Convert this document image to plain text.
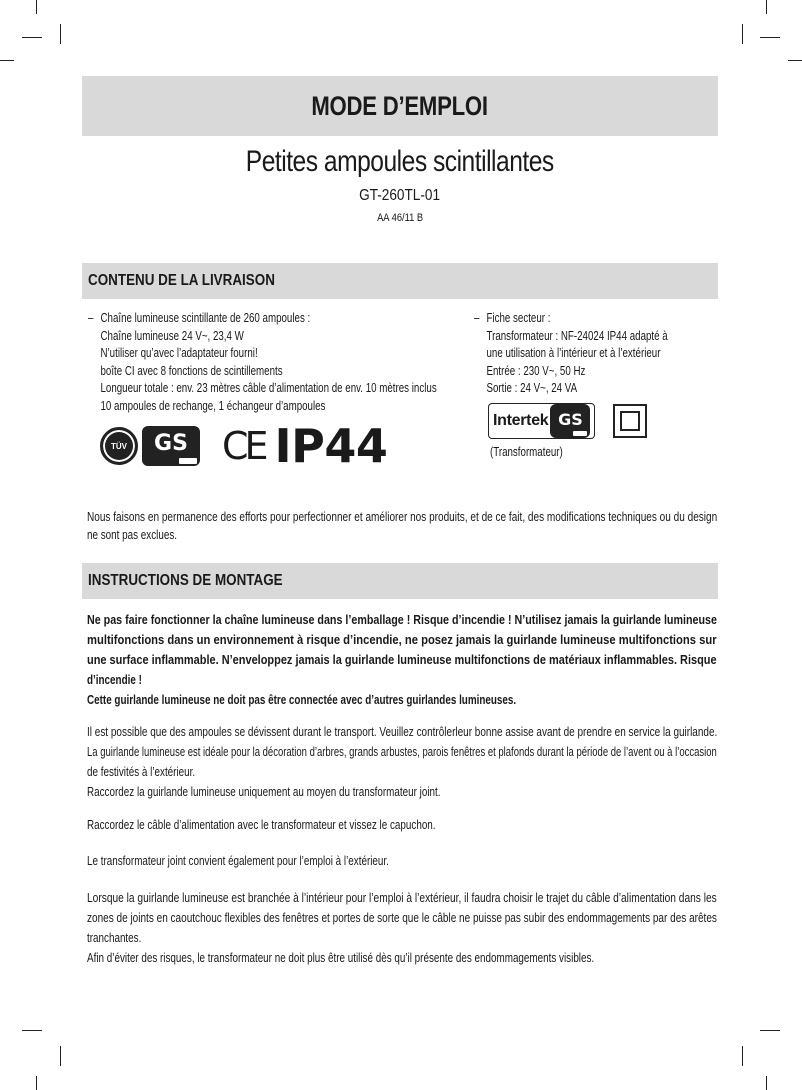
MODE D’EMPLOI
Petites ampoules scintillantes
GT-260TL-01
AA 46/11 B
CONTENU DE LA LIVRAISON
– Chaîne lumineuse scintillante de 260 ampoules :
Chaîne lumineuse 24 V~, 23,4 W
N’utiliser qu’avec l’adaptateur fourni!
boîte CI avec 8 fonctions de scintillements
Longueur totale : env. 23 mètres câble d’alimentation de env. 10 mètres inclus
10 ampoules de rechange, 1 échangeur d’ampoules
TÜV	GS CE IP44
– Fiche secteur :
Transformateur : NF-24024 IP44 adapté à
une utilisation à l’intérieur et à l’extérieur
Entrée : 230 V~, 50 Hz
Sortie : 24 V~, 24 VA
Intertek GS
(Transformateur)
Nous faisons en permanence des efforts pour perfectionner et améliorer nos produits, et de ce fait, des modifications techniques ou du design
ne sont pas exclues.
INSTRUCTIONS DE MONTAGE
Ne pas faire fonctionner la chaîne lumineuse dans l’emballage ! Risque d’incendie ! N’utilisez jamais la guirlande lumineuse
multifonctions dans un environnement à risque d’incendie, ne posez jamais la guirlande lumineuse multifonctions sur
une surface inflammable. N’enveloppez jamais la guirlande lumineuse multifonctions de matériaux inflammables. Risque
d’incendie !
Cette guirlande lumineuse ne doit pas être connectée avec d’autres guirlandes lumineuses.
Il est possible que des ampoules se dévissent durant le transport. Veuillez contrôlerleur bonne assise avant de prendre en service la guirlande.
La guirlande lumineuse est idéale pour la décoration d’arbres, grands arbustes, parois fenêtres et plafonds durant la période de l’avent ou à l’occasion
de festivités à l’extérieur.
Raccordez la guirlande lumineuse uniquement au moyen du transformateur joint.
Raccordez le câble d’alimentation avec le transformateur et vissez le capuchon.
Le transformateur joint convient également pour l’emploi à l’extérieur.
Lorsque la guirlande lumineuse est branchée à l’intérieur pour l’emploi à l’extérieur, il faudra choisir le trajet du câble d’alimentation dans les
zones de joints en caoutchouc flexibles des fenêtres et portes de sorte que le câble ne puisse pas subir des endommagements par des arêtes
tranchantes.
Afin d’éviter des risques, le transformateur ne doit plus être utilisé dès qu’il présente des endommagements visibles.
